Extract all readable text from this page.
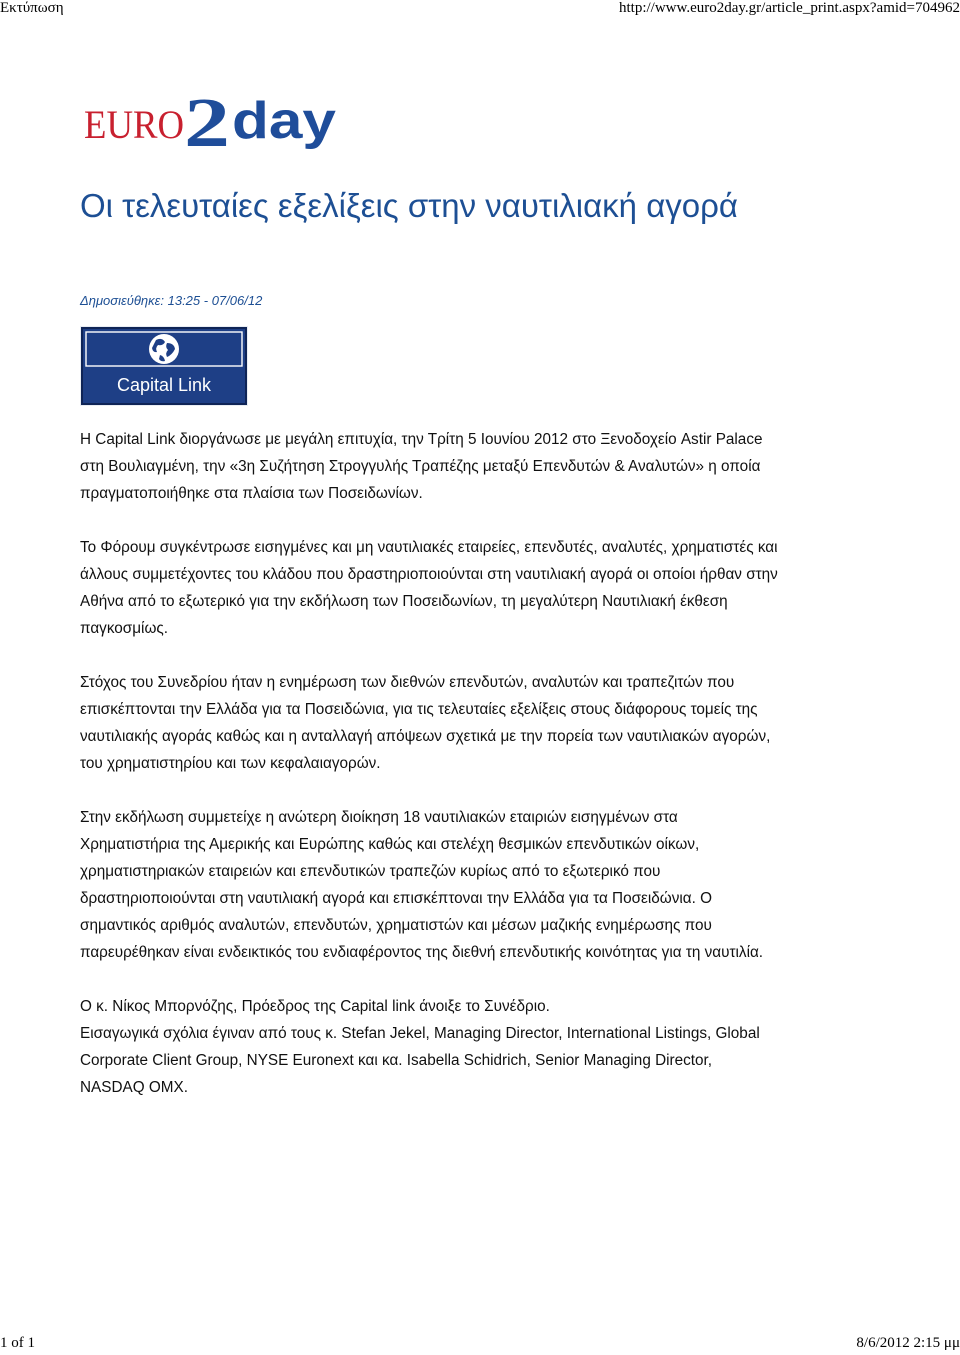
Εκτύπωση	http://www.euro2day.gr/article_print.aspx?amid=704962
EURO 2 day
Οι τελευταίες εξελίξεις στην ναυτιλιακή αγορά
Δημοσιεύθηκε: 13:25 - 07/06/12
Capital Link

Η Capital Link διοργάνωσε με μεγάλη επιτυχία, την Τρίτη 5 Ιουνίου 2012 στο Ξενοδοχείο Astir Palace στη Βουλιαγμένη, την «3η Συζήτηση Στρογγυλής Τραπέζης μεταξύ Επενδυτών & Αναλυτών» η οποία πραγματοποιήθηκε στα πλαίσια των Ποσειδωνίων.

Το Φόρουμ συγκέντρωσε εισηγμένες και μη ναυτιλιακές εταιρείες, επενδυτές, αναλυτές, χρηματιστές και άλλους συμμετέχοντες του κλάδου που δραστηριοποιούνται στη ναυτιλιακή αγορά οι οποίοι ήρθαν στην Αθήνα από το εξωτερικό για την εκδήλωση των Ποσειδωνίων, τη μεγαλύτερη Ναυτιλιακή έκθεση παγκοσμίως.

Στόχος του Συνεδρίου ήταν η ενημέρωση των διεθνών επενδυτών, αναλυτών και τραπεζιτών που επισκέπτονται την Ελλάδα για τα Ποσειδώνια, για τις τελευταίες εξελίξεις στους διάφορους τομείς της ναυτιλιακής αγοράς καθώς και η ανταλλαγή απόψεων σχετικά με την πορεία των ναυτιλιακών αγορών, του χρηματιστηρίου και των κεφαλαιαγορών.

Στην εκδήλωση συμμετείχε η ανώτερη διοίκηση 18 ναυτιλιακών εταιριών εισηγμένων στα Χρηματιστήρια της Αμερικής και Ευρώπης καθώς και στελέχη θεσμικών επενδυτικών οίκων, χρηματιστηριακών εταιρειών και επενδυτικών τραπεζών κυρίως από το εξωτερικό που δραστηριοποιούνται στη ναυτιλιακή αγορά και επισκέπτοναι την Ελλάδα για τα Ποσειδώνια. Ο σημαντικός αριθμός αναλυτών, επενδυτών, χρηματιστών και μέσων μαζικής ενημέρωσης που παρευρέθηκαν είναι ενδεικτικός του ενδιαφέροντος της διεθνή επενδυτικής κοινότητας για τη ναυτιλία.

Ο κ. Νίκος Μπορνόζης, Πρόεδρος της Capital link άνοιξε το Συνέδριο.

Εισαγωγικά σχόλια έγιναν από τους κ. Stefan Jekel, Managing Director, International Listings, Global Corporate Client Group, NYSE Euronext και κα. Isabella Schidrich, Senior Managing Director, NASDAQ OMX.

1 of 1	8/6/2012 2:15 μμ
